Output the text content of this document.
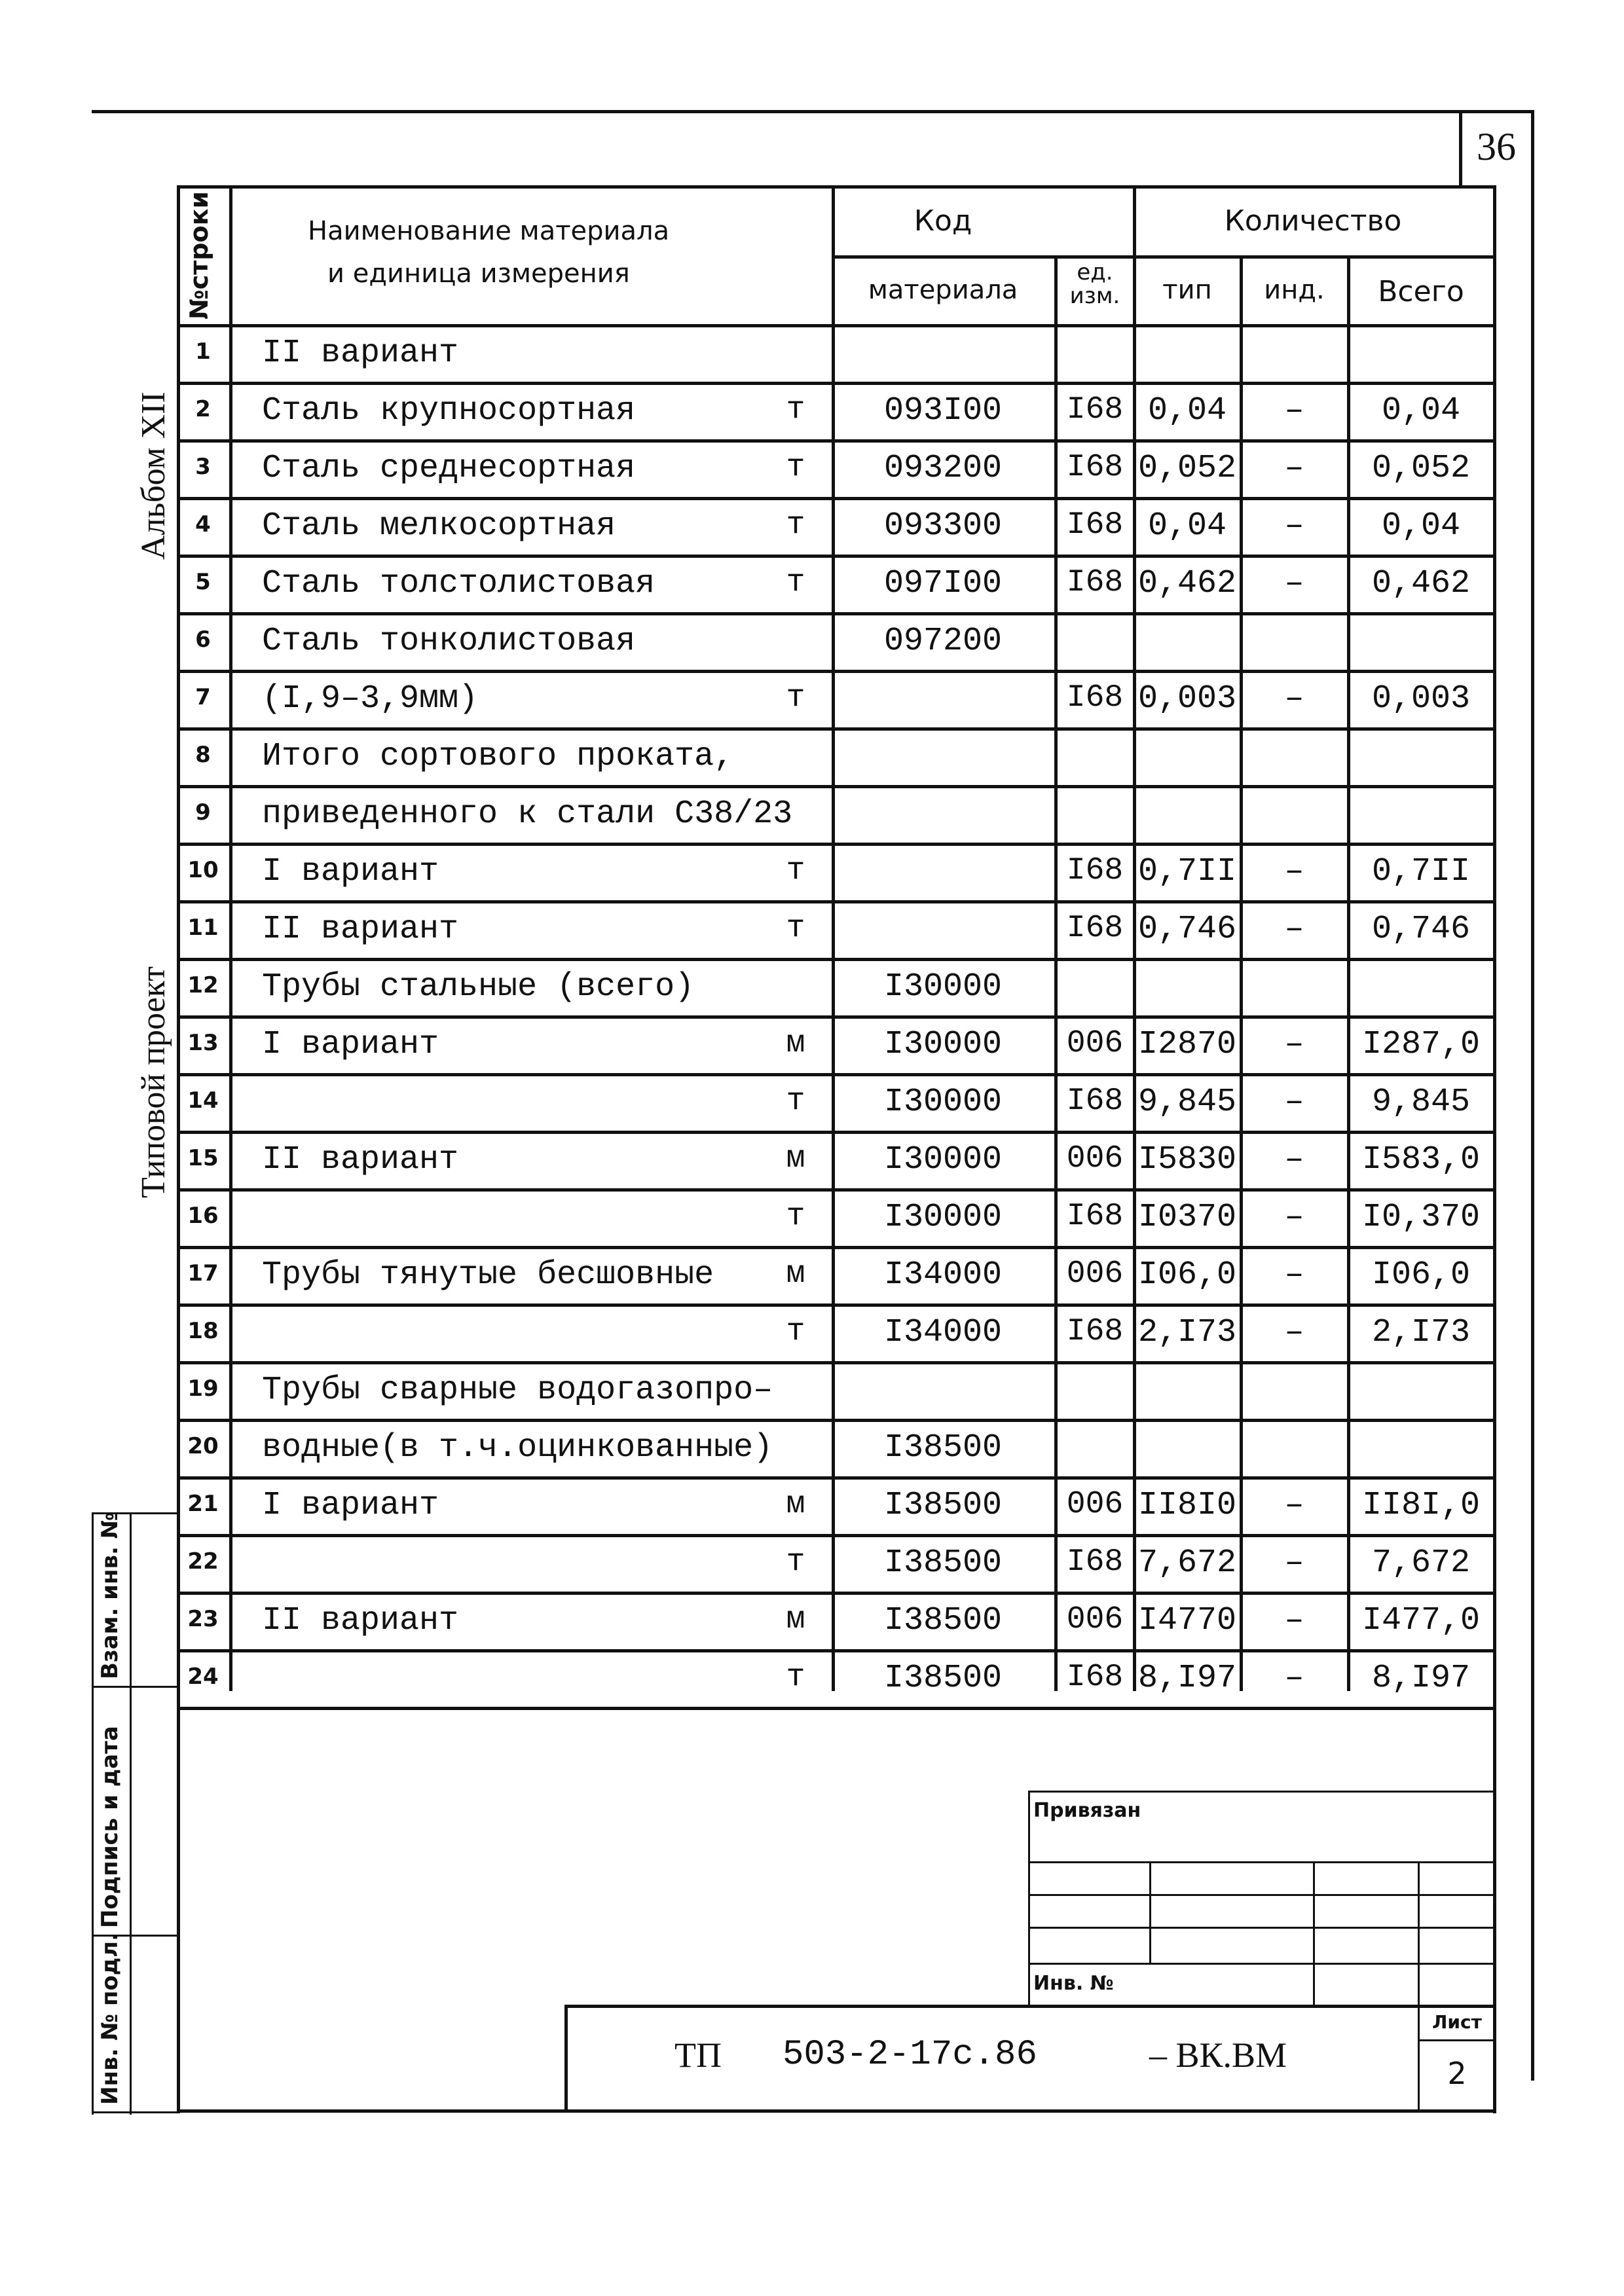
36
Наименование материала
и единица измерения
Код	Количество
материала
ед.
изм.	тип	инд.	Всего
№строки
Альбом XII
Типовой проект
1	II вариант
2	Сталь крупносортная	т	093I00	I68 0,04	–	0,04
3	Сталь среднесортная	т	093200	I68 0,052	–	0,052
4	Сталь мелкосортная	т	093300	I68 0,04	–	0,04
5	Сталь толстолистовая	т	097I00	I68 0,462	–	0,462
6	Сталь тонколистовая	097200
7	(I,9–3,9мм)	т	I68 0,003	–	0,003
8	Итого сортового проката,
9	приведенного к стали С38/23
10	I вариант	т	I68 0,7II	–	0,7II
11	II вариант	т	I68 0,746	–	0,746
12	Трубы стальные (всего)	I30000
13	I вариант	м	I30000	006 I2870	–	I287,0
14	т	I30000	I68 9,845	–	9,845
15	II вариант	м	I30000	006 I5830	–	I583,0
16	т	I30000	I68 I0370	–	I0,370
17	Трубы тянутые бесшовные	м	I34000	006 I06,0	–	I06,0
18	т	I34000	I68 2,I73	–	2,I73
19	Трубы сварные водогазопро–
20	водные(в т.ч.оцинкованные)	I38500
21	I вариант	м	I38500	006 II8I0	–	II8I,0
22	т	I38500	I68 7,672	–	7,672
23	II вариант	м	I38500	006 I4770	–	I477,0
24	т	I38500	I68 8,I97	–	8,I97
Взам. инв. №
Подпись и дата
Инв. № подл.
Привязан
Инв. №
ТП 503-2-17с.86	– ВК.ВМ
Лист
2
